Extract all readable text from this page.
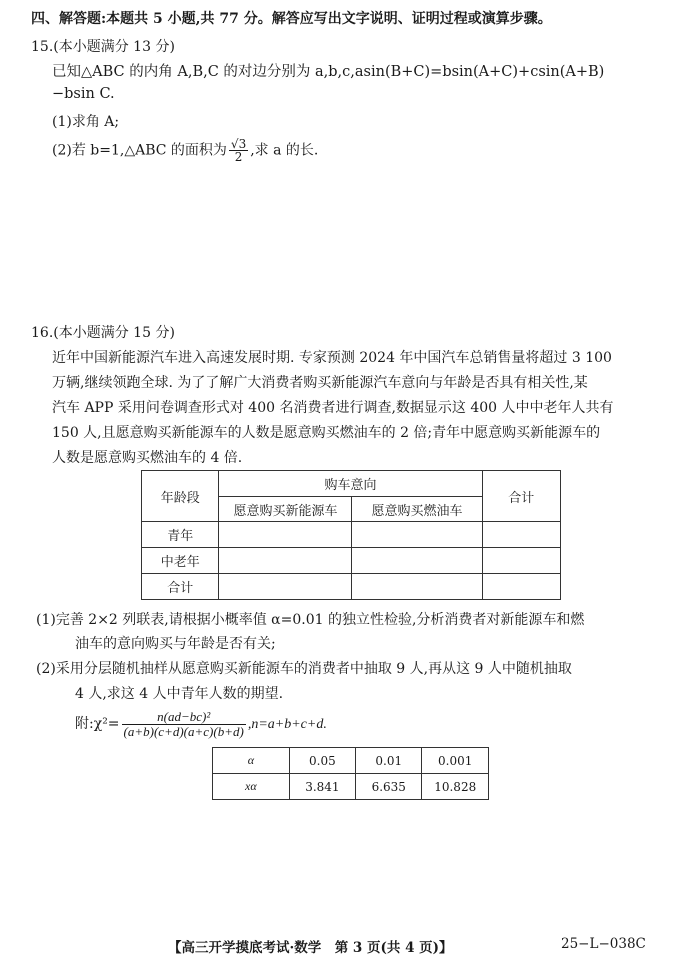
四、解答题:本题共 5 小题,共 77 分。解答应写出文字说明、证明过程或演算步骤。
15.(本小题满分 13 分)
已知△ABC 的内角 A,B,C 的对边分别为 a,b,c,asin(B+C)=bsin(A+C)+csin(A+B)
−bsin C.
(1)求角 A;
(2)若 b=1,△ABC 的面积为 $\frac{√3}{2}$ ,求 a 的长.
16.(本小题满分 15 分)
近年中国新能源汽车进入高速发展时期. 专家预测 2024 年中国汽车总销售量将超过 3 100
万辆,继续领跑全球. 为了了解广大消费者购买新能源汽车意向与年龄是否具有相关性,某
汽车 APP 采用问卷调查形式对 400 名消费者进行调查,数据显示这 400 人中中老年人共有
150 人,且愿意购买新能源车的人数是愿意购买燃油车的 2 倍;青年中愿意购买新能源车的
人数是愿意购买燃油车的 4 倍.
年龄段	购车意向		合计
	愿意购买新能源车	愿意购买燃油车	
青年			
中老年			
合计			
(1)完善 2×2 列联表,请根据小概率值 α=0.01 的独立性检验,分析消费者对新能源车和燃
油车的意向购买与年龄是否有关;
(2)采用分层随机抽样从愿意购买新能源车的消费者中抽取 9 人,再从这 9 人中随机抽取
4 人,求这 4 人中青年人数的期望.
附:χ²= $\frac{\text{n(ad−bc)²}}{(a+b)(c+d)(a+c)(b+d)} ,n=a+b+c+d$.
α	0.05	0.01	0.001
xα	3.841	6.635	10.828
【高三开学摸底考试·数学　第 3 页(共 4 页)】	25−L−038C
